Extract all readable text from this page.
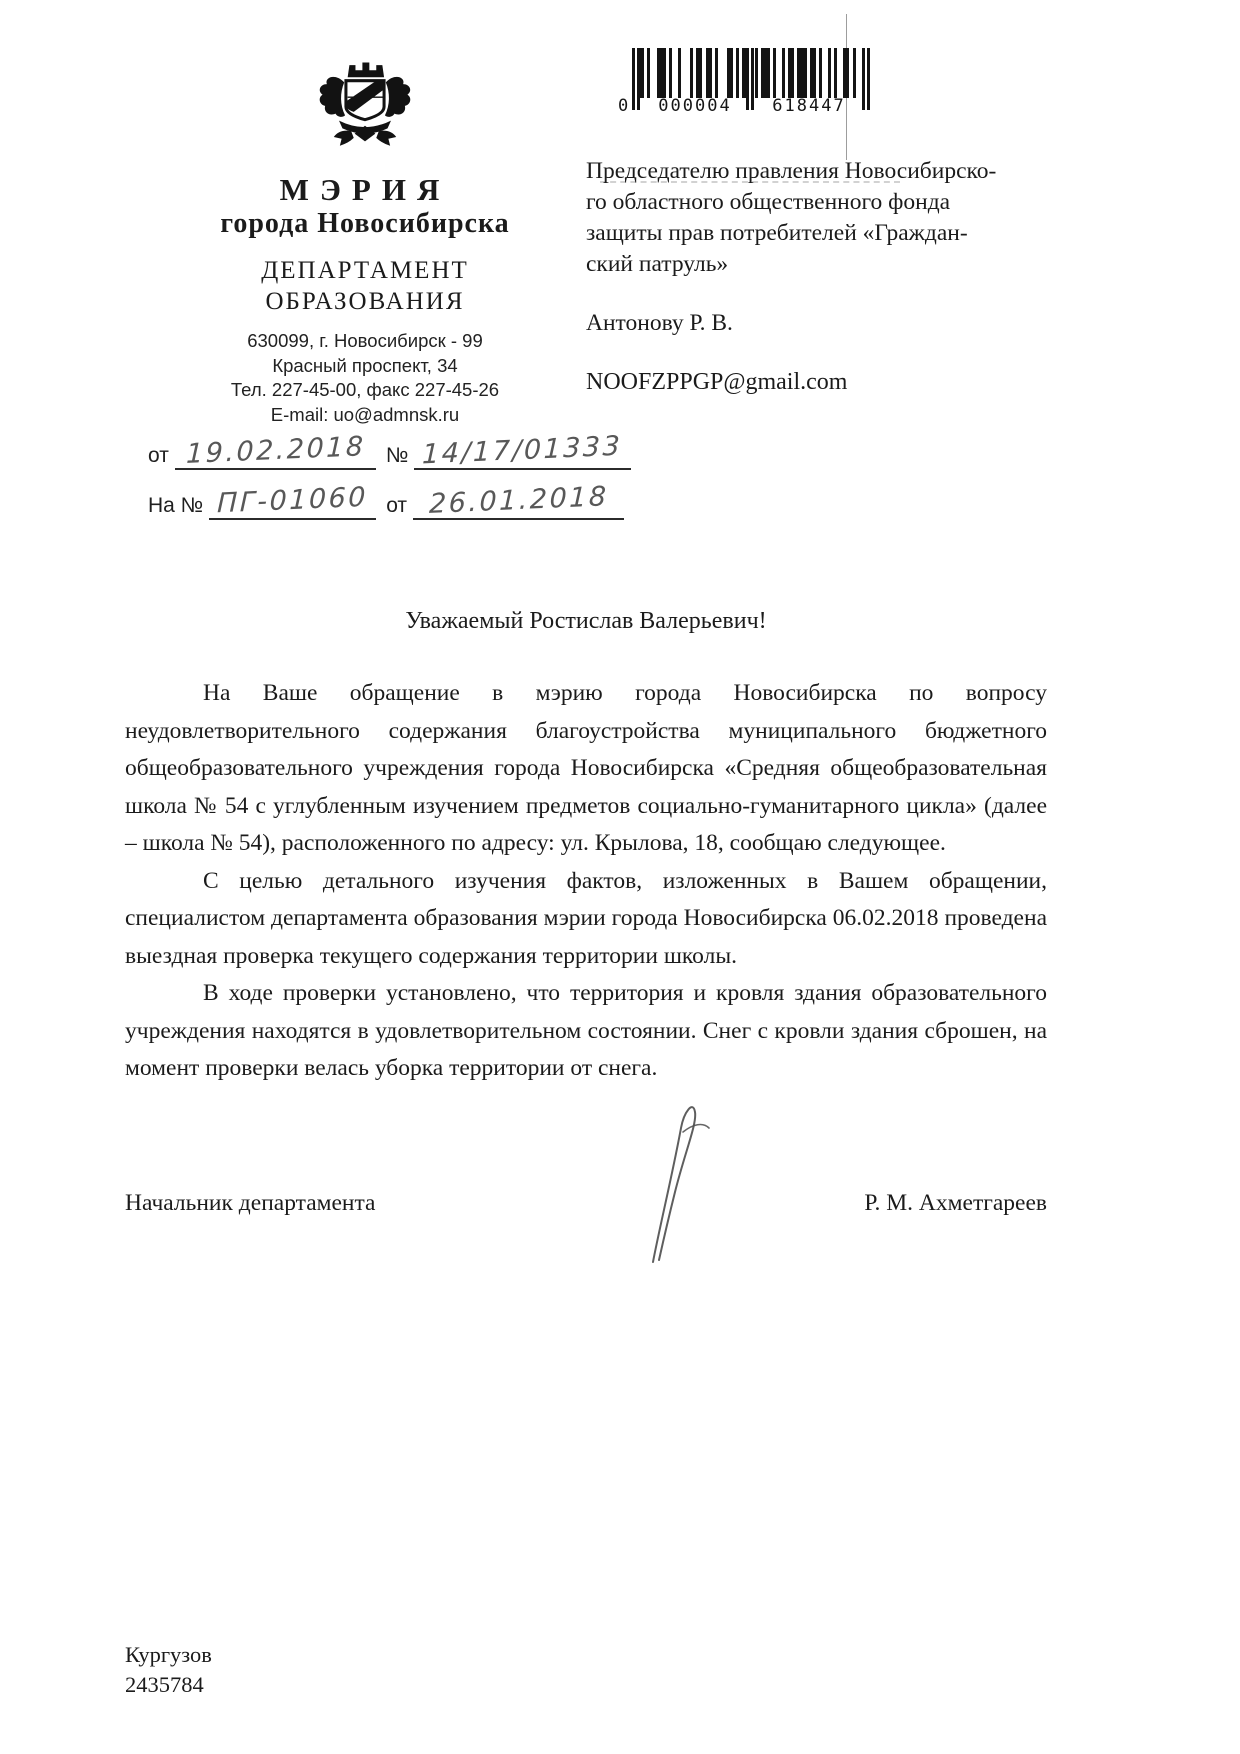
МЭРИЯ
города Новосибирска
ДЕПАРТАМЕНТ
ОБРАЗОВАНИЯ
630099, г. Новосибирск - 99
Красный проспект, 34
Тел. 227-45-00, факс 227-45-26
E-mail: uo@admnsk.ru
от 19.02.2018 № 14/17/01333
На № ПГ-01060 от 26.01.2018
0	000004	618447
Председателю правления Новосибирско-
го областного общественного фонда
защиты прав потребителей «Граждан-
ский патруль»
Антонову Р. В.
NOOFZPPGP@gmail.com

Уважаемый Ростислав Валерьевич!

На Ваше обращение в мэрию города Новосибирска по вопросу неудовлетворительного содержания благоустройства муниципального бюджетного общеобразовательного учреждения города Новосибирска «Средняя общеобразовательная школа № 54 с углубленным изучением предметов социально-гуманитарного цикла» (далее – школа № 54), расположенного по адресу: ул. Крылова, 18, сообщаю следующее.

С целью детального изучения фактов, изложенных в Вашем обращении, специалистом департамента образования мэрии города Новосибирска 06.02.2018 проведена выездная проверка текущего содержания территории школы.

В ходе проверки установлено, что территория и кровля здания образовательного учреждения находятся в удовлетворительном состоянии. Снег с кровли здания сброшен, на момент проверки велась уборка территории от снега.

Начальник департамента	Р. М. Ахметгареев
Кургузов
2435784
